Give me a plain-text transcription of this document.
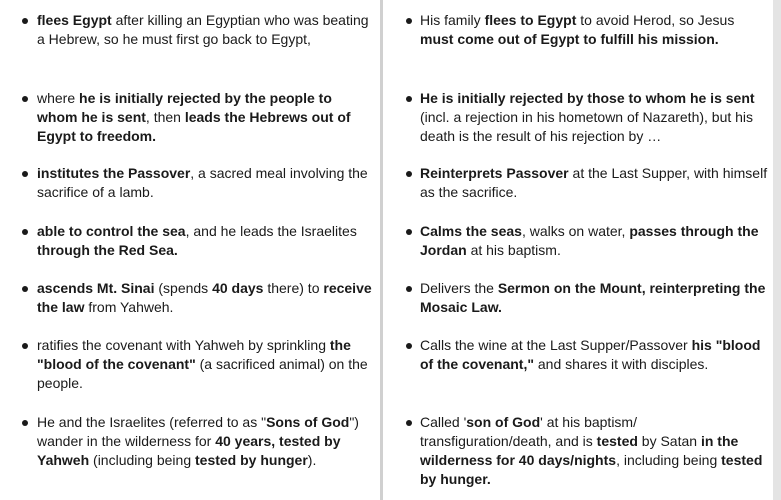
flees Egypt after killing an Egyptian who was beating a Hebrew, so he must first go back to Egypt,
where he is initially rejected by the people to whom he is sent, then leads the Hebrews out of Egypt to freedom.
institutes the Passover, a sacred meal involving the sacrifice of a lamb.
able to control the sea, and he leads the Israelites through the Red Sea.
ascends Mt. Sinai (spends 40 days there) to receive the law from Yahweh.
ratifies the covenant with Yahweh by sprinkling the "blood of the covenant" (a sacrificed animal) on the people.
He and the Israelites (referred to as "Sons of God") wander in the wilderness for 40 years, tested by Yahweh (including being tested by hunger).
His family flees to Egypt to avoid Herod, so Jesus must come out of Egypt to fulfill his mission.
He is initially rejected by those to whom he is sent (incl. a rejection in his hometown of Nazareth), but his death is the result of his rejection by …
Reinterprets Passover at the Last Supper, with himself as the sacrifice.
Calms the seas, walks on water, passes through the Jordan at his baptism.
Delivers the Sermon on the Mount, reinterpreting the Mosaic Law.
Calls the wine at the Last Supper/Passover his "blood of the covenant," and shares it with disciples.
Called 'son of God' at his baptism/ transfiguration/death, and is tested by Satan in the wilderness for 40 days/nights, including being tested by hunger.
